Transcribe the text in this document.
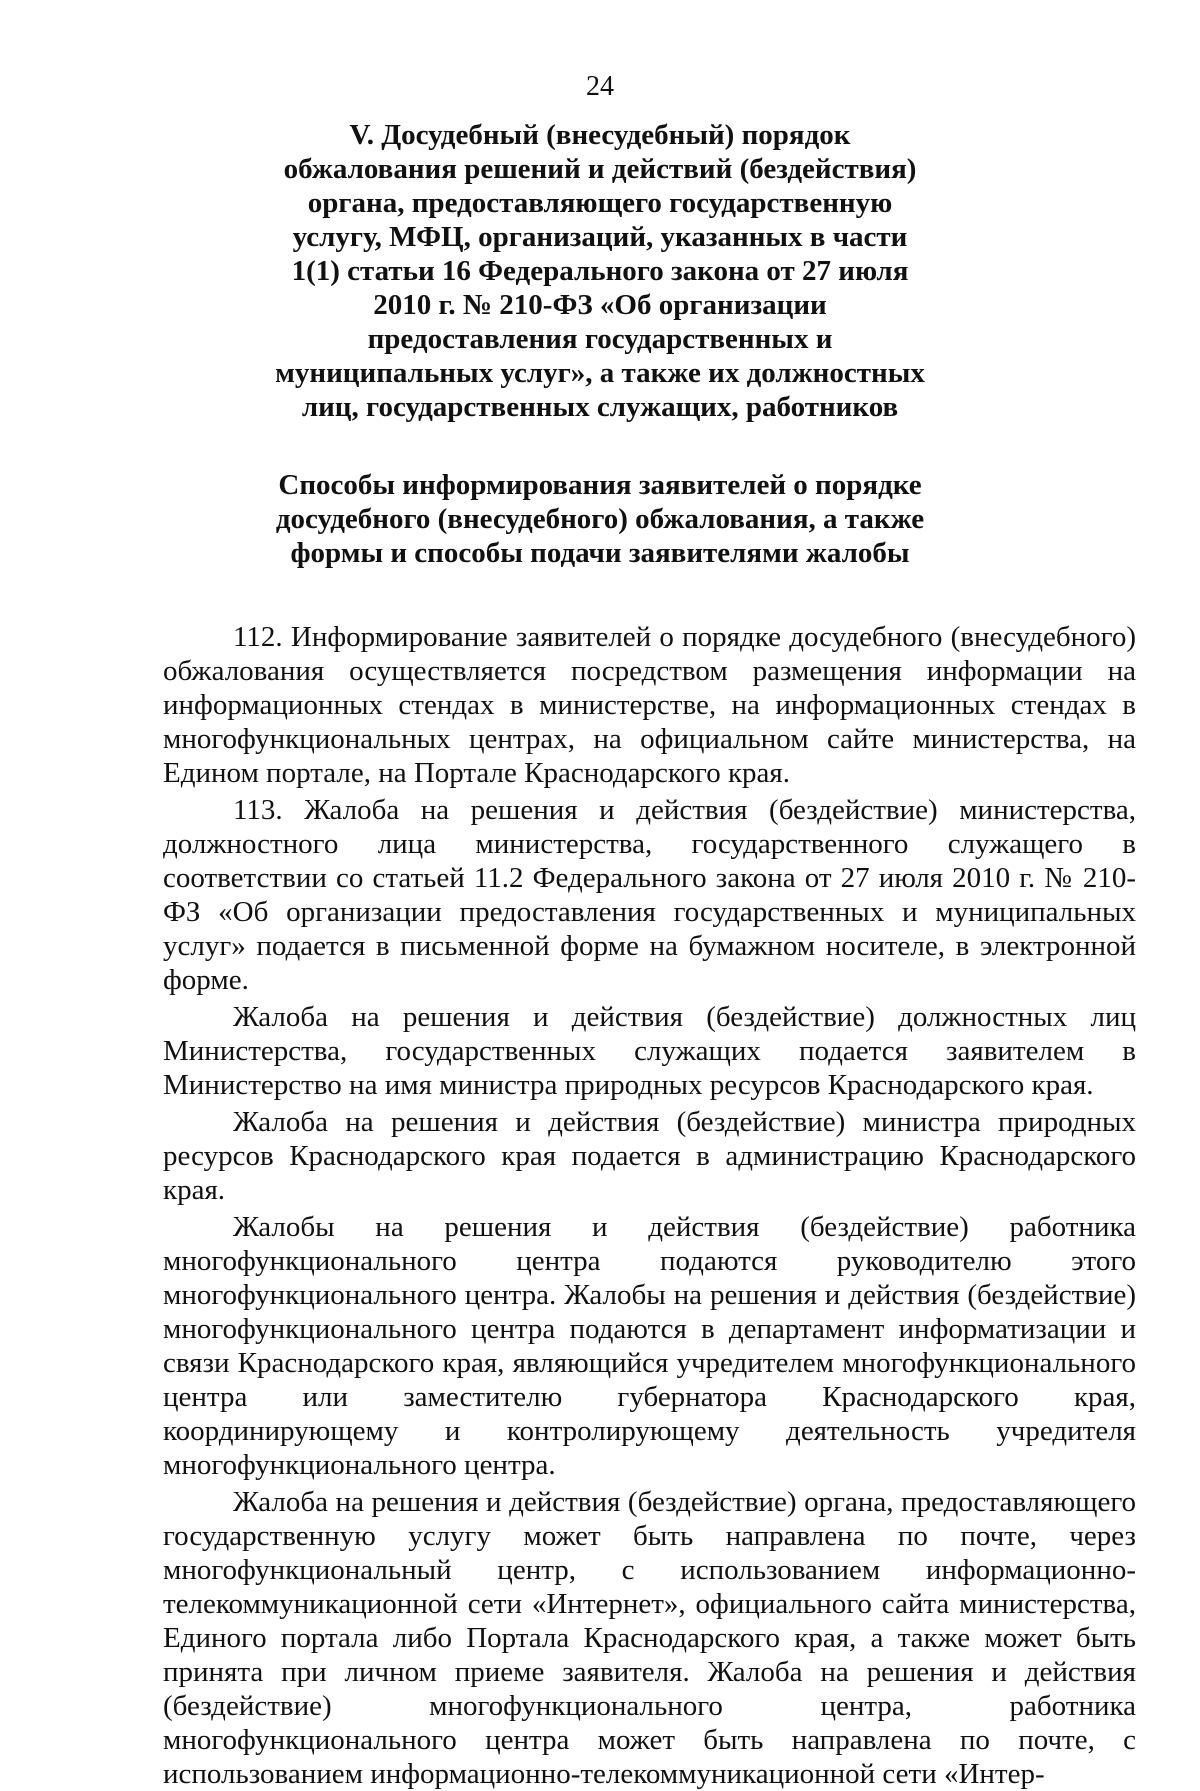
24
V. Досудебный (внесудебный) порядок
обжалования решений и действий (бездействия)
органа, предоставляющего государственную
услугу, МФЦ, организаций, указанных в части
1(1) статьи 16 Федерального закона от 27 июля
2010 г. № 210-ФЗ «Об организации
предоставления государственных и
муниципальных услуг», а также их должностных
лиц, государственных служащих, работников
Способы информирования заявителей о порядке
досудебного (внесудебного) обжалования, а также
формы и способы подачи заявителями жалобы

112. Информирование заявителей о порядке досудебного (внесудебного) обжалования осуществляется посредством размещения информации на информационных стендах в министерстве, на информационных стендах в многофункциональных центрах, на официальном сайте министерства, на Едином портале, на Портале Краснодарского края.

113. Жалоба на решения и действия (бездействие) министерства, должностного лица министерства, государственного служащего в соответствии со статьей 11.2 Федерального закона от 27 июля 2010 г. № 210-ФЗ «Об организации предоставления государственных и муниципальных услуг» подается в письменной форме на бумажном носителе, в электронной форме.

Жалоба на решения и действия (бездействие) должностных лиц Министерства, государственных служащих подается заявителем в Министерство на имя министра природных ресурсов Краснодарского края.

Жалоба на решения и действия (бездействие) министра природных ресурсов Краснодарского края подается в администрацию Краснодарского края.

Жалобы на решения и действия (бездействие) работника многофункционального центра подаются руководителю этого многофункционального центра. Жалобы на решения и действия (бездействие) многофункционального центра подаются в департамент информатизации и связи Краснодарского края, являющийся учредителем многофункционального центра или заместителю губернатора Краснодарского края, координирующему и контролирующему деятельность учредителя многофункционального центра.

Жалоба на решения и действия (бездействие) органа, предоставляющего государственную услугу может быть направлена по почте, через многофункциональный центр, с использованием информационно-телекоммуникационной сети «Интернет», официального сайта министерства, Единого портала либо Портала Краснодарского края, а также может быть принята при личном приеме заявителя. Жалоба на решения и действия (бездействие) многофункционального центра, работника многофункционального центра может быть направлена по почте, с использованием информационно-телекоммуникационной сети «Интер-
